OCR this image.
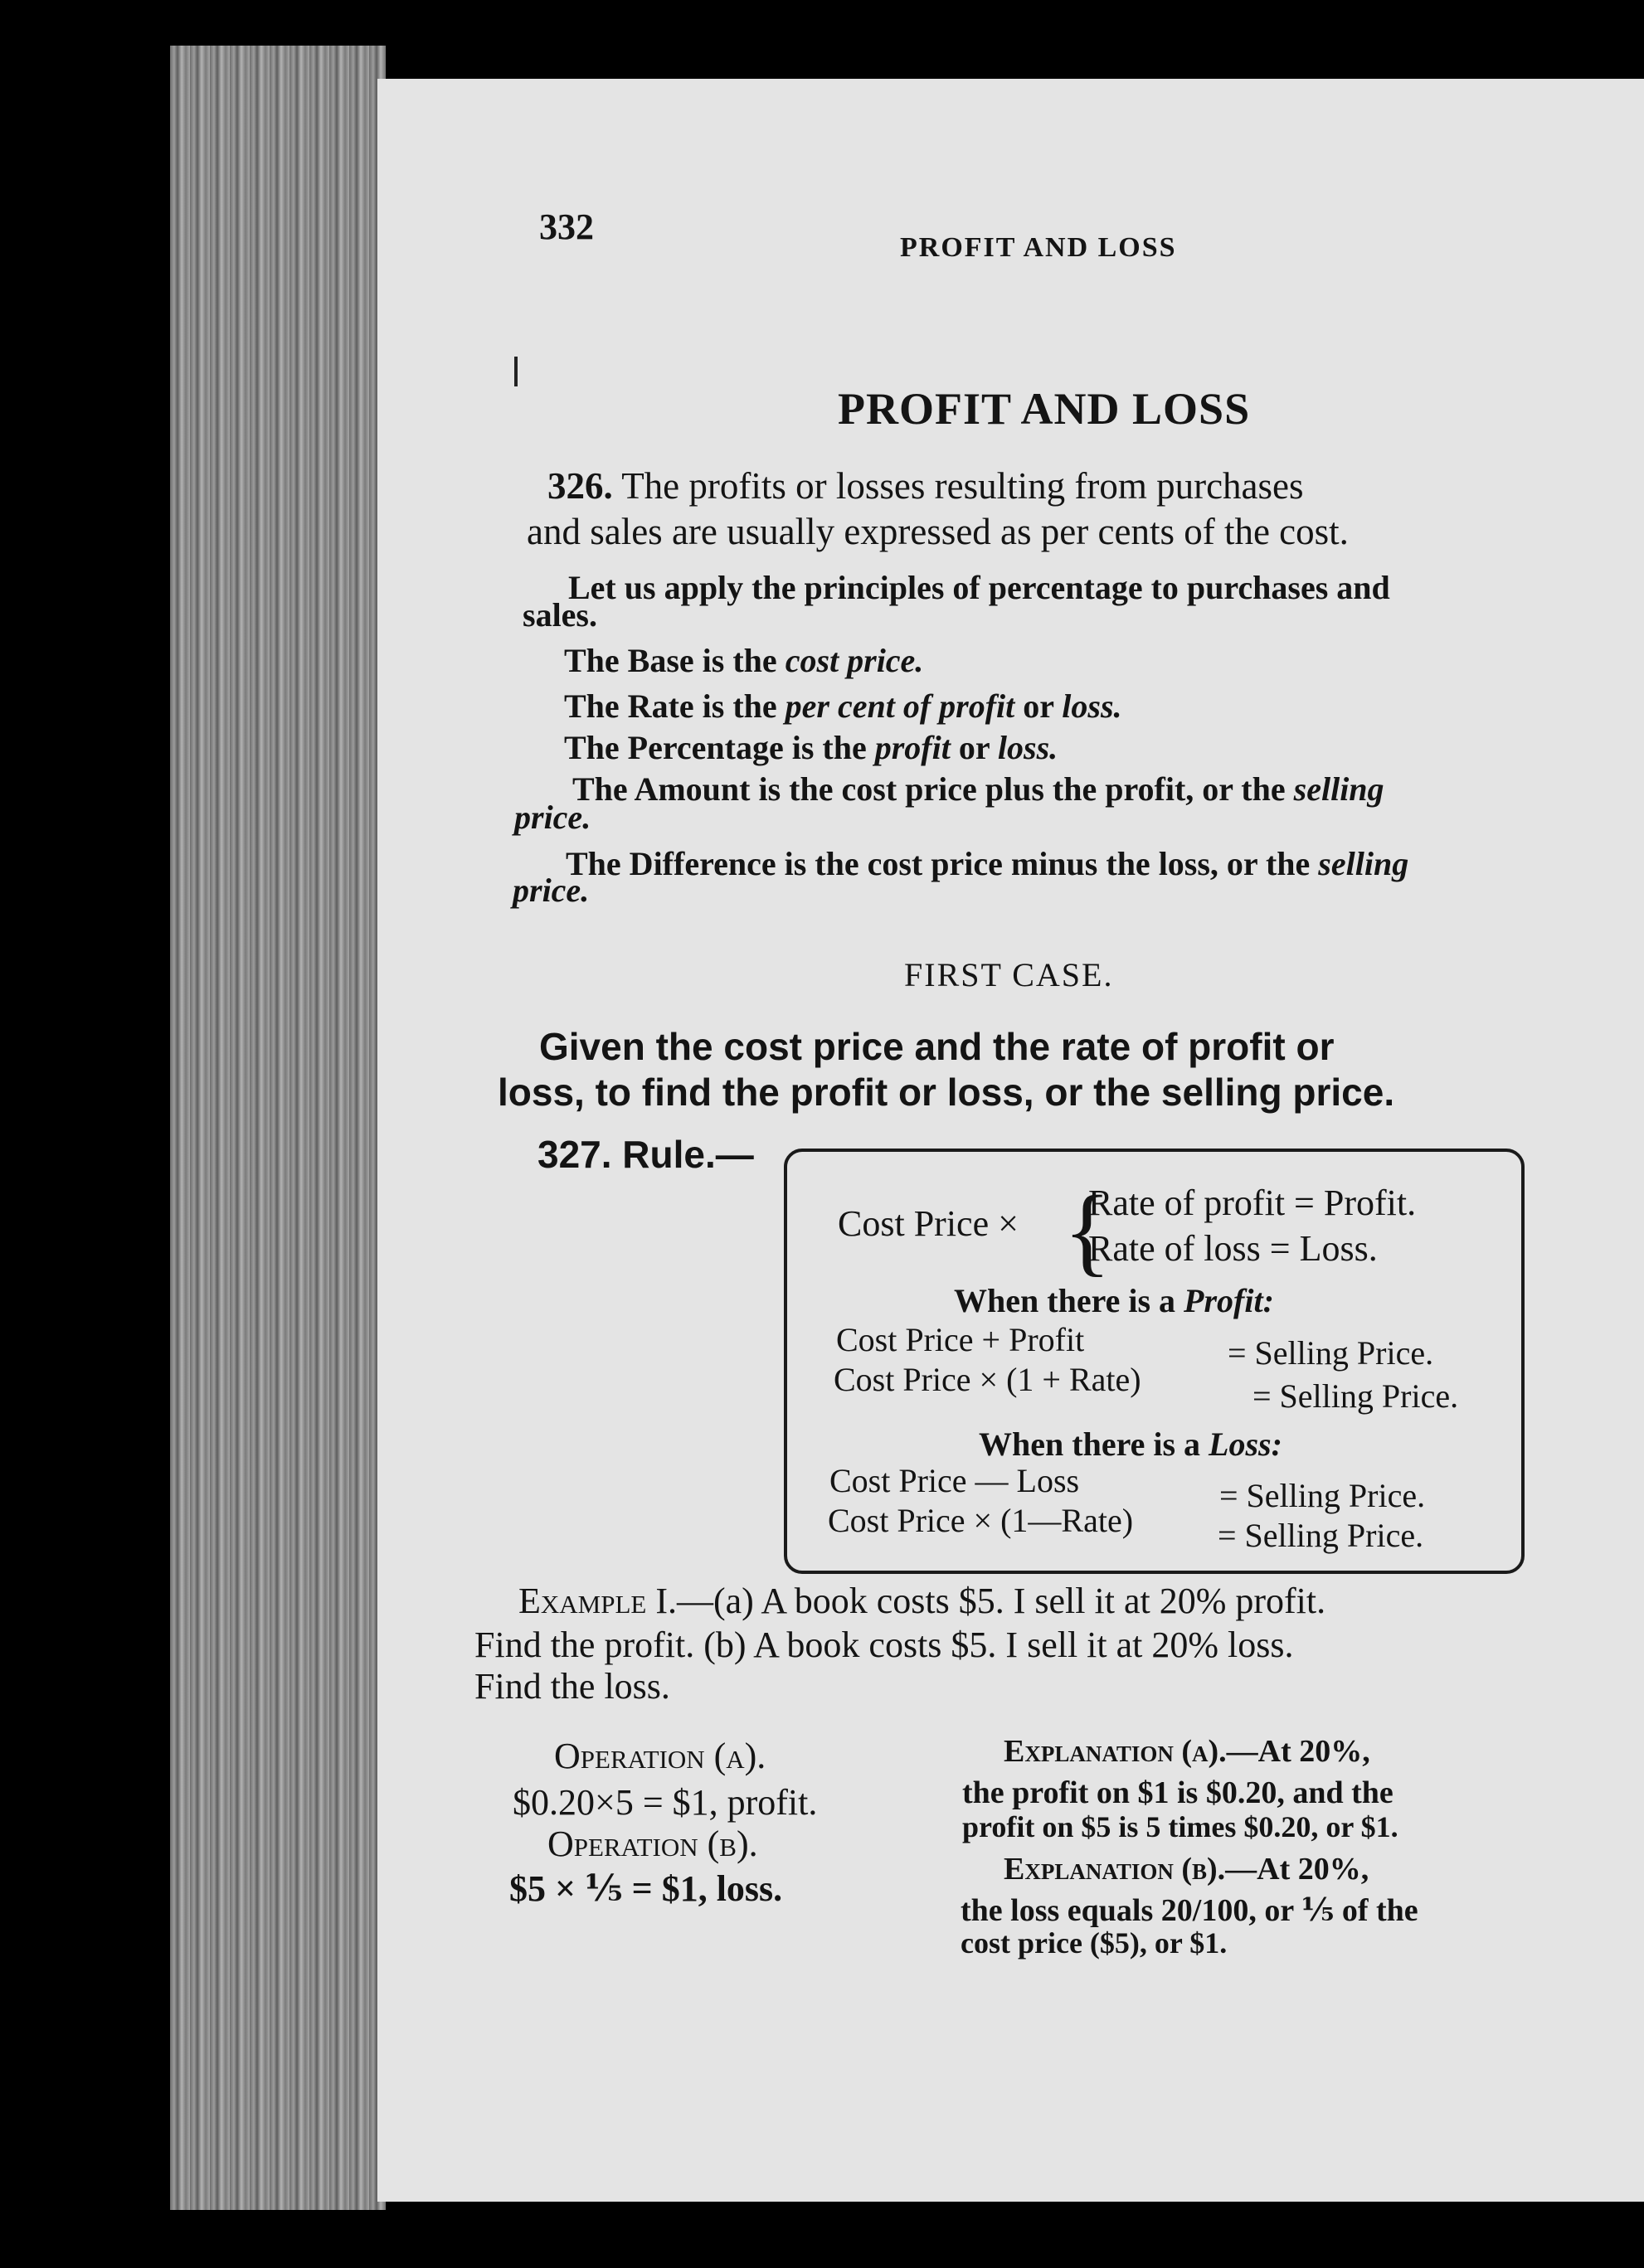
332
PROFIT AND LOSS
PROFIT AND LOSS
326. The profits or losses resulting from purchases
and sales are usually expressed as per cents of the cost.
Let us apply the principles of percentage to purchases and
sales.
The Base is the cost price.
The Rate is the per cent of profit or loss.
The Percentage is the profit or loss.
The Amount is the cost price plus the profit, or the selling
price.
The Difference is the cost price minus the loss, or the selling
price.
FIRST CASE.
Given the cost price and the rate of profit or
loss, to find the profit or loss, or the selling price.
327. Rule.—
Cost Price × {
Rate of profit = Profit.
Rate of loss = Loss.
When there is a Profit:
Cost Price + Profit	= Selling Price.
Cost Price × (1 + Rate)	= Selling Price.
When there is a Loss:
Cost Price — Loss	= Selling Price.
Cost Price × (1—Rate)	= Selling Price.
Example I.—(a) A book costs $5. I sell it at 20% profit.
Find the profit. (b) A book costs $5. I sell it at 20% loss.
Find the loss.
Operation (a).
$0.20×5 = $1, profit.
Operation (b).
$5 × ⅕ = $1, loss.
Explanation (a).—At 20%,
the profit on $1 is $0.20, and the
profit on $5 is 5 times $0.20, or $1.
Explanation (b).—At 20%,
the loss equals 20/100, or ⅕ of the
cost price ($5), or $1.
